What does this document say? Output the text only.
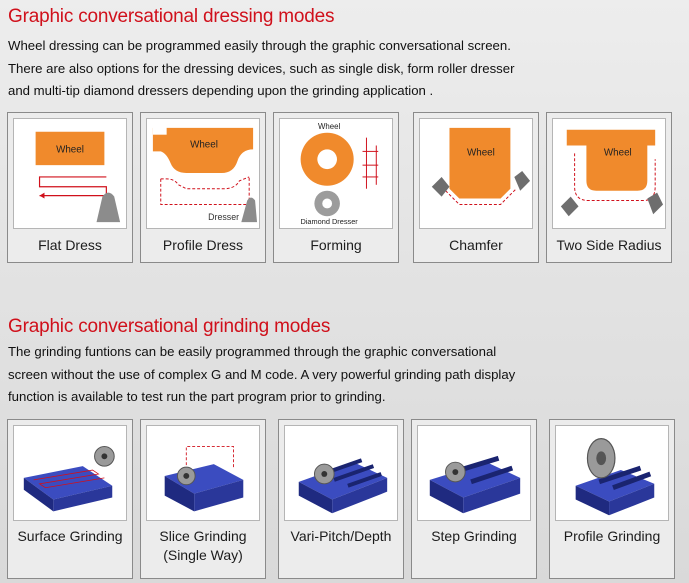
Graphic conversational dressing modes
Wheel dressing can be programmed easily through the graphic conversational screen.
There are also options for the dressing devices, such as single disk, form roller dresser
and multi-tip diamond dressers depending upon the grinding application .
Wheel
Flat Dress
Wheel
Dresser
Profile Dress
Wheel
Diamond Dresser
Forming
Wheel
Chamfer
Wheel
Two Side Radius
Graphic conversational grinding modes
The grinding funtions can be easily programmed through the graphic conversational
screen without the use of complex G and M code. A very powerful grinding path display
function is available to test run the part program prior to grinding.
Surface Grinding	Slice Grinding
(Single Way)
Vari-Pitch/Depth	Step Grinding	Profile Grinding
